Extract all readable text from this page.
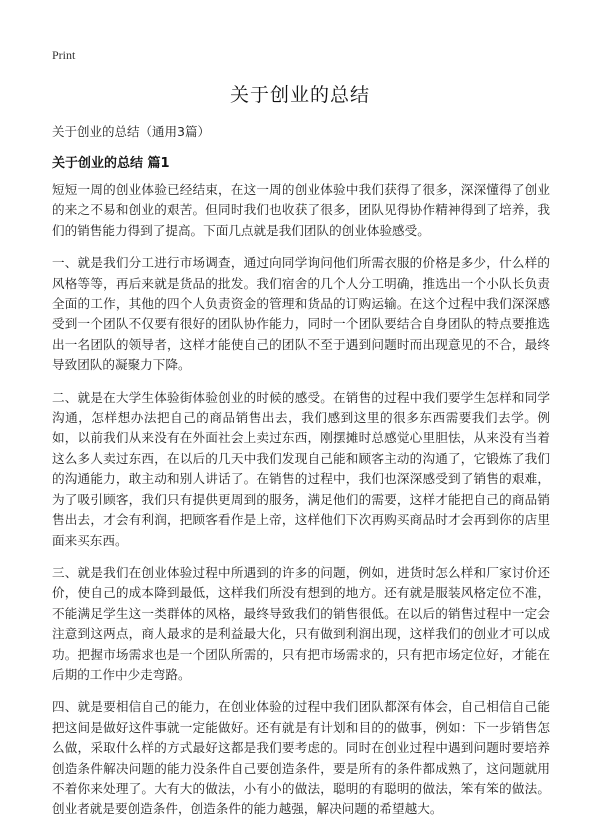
Print
关于创业的总结
关于创业的总结（通用3篇）
关于创业的总结 篇1

短短一周的创业体验已经结束，在这一周的创业体验中我们获得了很多，深深懂得了创业的来之不易和创业的艰苦。但同时我们也收获了很多，团队见得协作精神得到了培养，我们的销售能力得到了提高。下面几点就是我们团队的创业体验感受。

一、就是我们分工进行市场调查，通过向同学询问他们所需衣服的价格是多少，什么样的风格等等，再后来就是货品的批发。我们宿舍的几个人分工明确，推选出一个小队长负责全面的工作，其他的四个人负责资金的管理和货品的订购运输。在这个过程中我们深深感受到一个团队不仅要有很好的团队协作能力，同时一个团队要结合自身团队的特点要推选出一名团队的领导者，这样才能使自己的团队不至于遇到问题时而出现意见的不合，最终导致团队的凝聚力下降。

二、就是在大学生体验街体验创业的时候的感受。在销售的过程中我们要学生怎样和同学沟通，怎样想办法把自己的商品销售出去，我们感到这里的很多东西需要我们去学。例如，以前我们从来没有在外面社会上卖过东西，刚摆摊时总感觉心里胆怯，从来没有当着这么多人卖过东西，在以后的几天中我们发现自己能和顾客主动的沟通了，它锻炼了我们的沟通能力，敢主动和别人讲话了。在销售的过程中，我们也深深感受到了销售的艰难，为了吸引顾客，我们只有提供更周到的服务，满足他们的需要，这样才能把自己的商品销售出去，才会有利润，把顾客看作是上帝，这样他们下次再购买商品时才会再到你的店里面来买东西。

三、就是我们在创业体验过程中所遇到的许多的问题，例如，进货时怎么样和厂家讨价还价，使自己的成本降到最低，这样我们所没有想到的地方。还有就是服装风格定位不准，不能满足学生这一类群体的风格，最终导致我们的销售很低。在以后的销售过程中一定会注意到这两点，商人最求的是利益最大化，只有做到利润出现，这样我们的创业才可以成功。把握市场需求也是一个团队所需的，只有把市场需求的，只有把市场定位好，才能在后期的工作中少走弯路。

四、就是要相信自己的能力，在创业体验的过程中我们团队都深有体会，自己相信自己能把这间是做好这件事就一定能做好。还有就是有计划和目的的做事，例如：下一步销售怎么做，采取什么样的方式最好这都是我们要考虑的。同时在创业过程中遇到问题时要培养创造条件解决问题的能力没条件自己要创造条件，要是所有的条件都成熟了，这问题就用不着你来处理了。大有大的做法，小有小的做法，聪明的有聪明的做法，笨有笨的做法。创业者就是要创造条件，创造条件的能力越强，解决问题的希望越大。
